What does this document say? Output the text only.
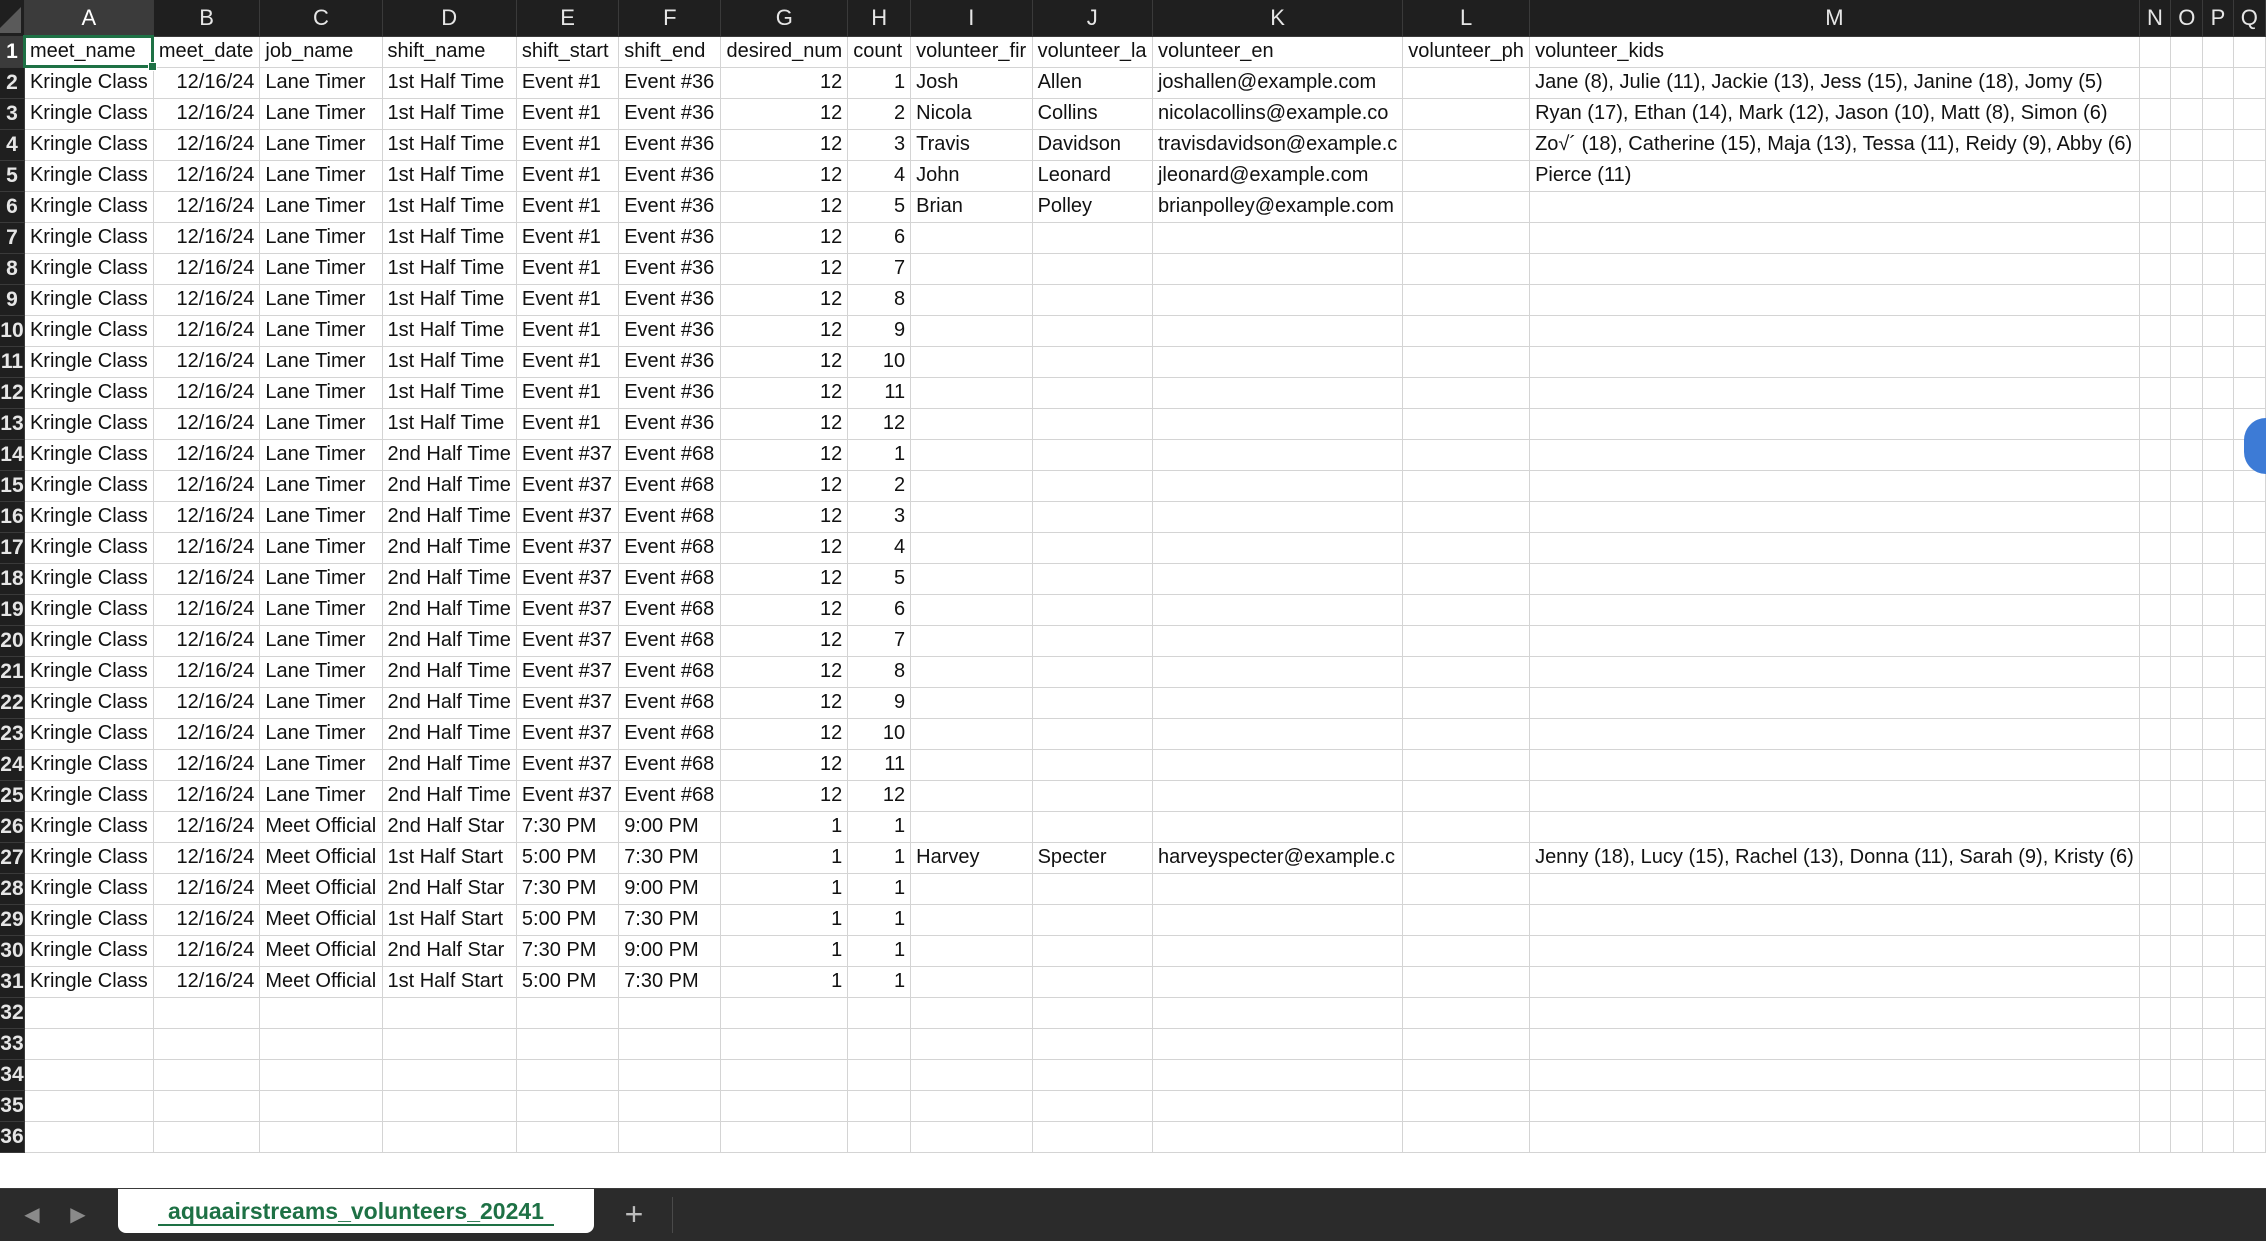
	A	B	C	D	E	F	G	H	I	J	K	L	M	N	O	P	Q
1	meet_name	meet_date	job_name	shift_name	shift_start	shift_end	desired_num	count	volunteer_fir	volunteer_la	volunteer_en	volunteer_ph	volunteer_kids				
2	Kringle Class	12/16/24	Lane Timer	1st Half Time	Event #1	Event #36	12	1	Josh	Allen	joshallen@example.com		Jane (8), Julie (11), Jackie (13), Jess (15), Janine (18), Jomy (5)				
3	Kringle Class	12/16/24	Lane Timer	1st Half Time	Event #1	Event #36	12	2	Nicola	Collins	nicolacollins@example.co		Ryan (17), Ethan (14), Mark (12), Jason (10), Matt (8), Simon (6)				
4	Kringle Class	12/16/24	Lane Timer	1st Half Time	Event #1	Event #36	12	3	Travis	Davidson	travisdavidson@example.c		Zo√´ (18), Catherine (15), Maja (13), Tessa (11), Reidy (9), Abby (6)				
5	Kringle Class	12/16/24	Lane Timer	1st Half Time	Event #1	Event #36	12	4	John	Leonard	jleonard@example.com		Pierce (11)				
6	Kringle Class	12/16/24	Lane Timer	1st Half Time	Event #1	Event #36	12	5	Brian	Polley	brianpolley@example.com						
7	Kringle Class	12/16/24	Lane Timer	1st Half Time	Event #1	Event #36	12	6									
8	Kringle Class	12/16/24	Lane Timer	1st Half Time	Event #1	Event #36	12	7									
9	Kringle Class	12/16/24	Lane Timer	1st Half Time	Event #1	Event #36	12	8									
10	Kringle Class	12/16/24	Lane Timer	1st Half Time	Event #1	Event #36	12	9									
11	Kringle Class	12/16/24	Lane Timer	1st Half Time	Event #1	Event #36	12	10									
12	Kringle Class	12/16/24	Lane Timer	1st Half Time	Event #1	Event #36	12	11									
13	Kringle Class	12/16/24	Lane Timer	1st Half Time	Event #1	Event #36	12	12									
14	Kringle Class	12/16/24	Lane Timer	2nd Half Time	Event #37	Event #68	12	1									
15	Kringle Class	12/16/24	Lane Timer	2nd Half Time	Event #37	Event #68	12	2									
16	Kringle Class	12/16/24	Lane Timer	2nd Half Time	Event #37	Event #68	12	3									
17	Kringle Class	12/16/24	Lane Timer	2nd Half Time	Event #37	Event #68	12	4									
18	Kringle Class	12/16/24	Lane Timer	2nd Half Time	Event #37	Event #68	12	5									
19	Kringle Class	12/16/24	Lane Timer	2nd Half Time	Event #37	Event #68	12	6									
20	Kringle Class	12/16/24	Lane Timer	2nd Half Time	Event #37	Event #68	12	7									
21	Kringle Class	12/16/24	Lane Timer	2nd Half Time	Event #37	Event #68	12	8									
22	Kringle Class	12/16/24	Lane Timer	2nd Half Time	Event #37	Event #68	12	9									
23	Kringle Class	12/16/24	Lane Timer	2nd Half Time	Event #37	Event #68	12	10									
24	Kringle Class	12/16/24	Lane Timer	2nd Half Time	Event #37	Event #68	12	11									
25	Kringle Class	12/16/24	Lane Timer	2nd Half Time	Event #37	Event #68	12	12									
26	Kringle Class	12/16/24	Meet Official	2nd Half Star	7:30 PM	9:00 PM	1	1									
27	Kringle Class	12/16/24	Meet Official	1st Half Start	5:00 PM	7:30 PM	1	1	Harvey	Specter	harveyspecter@example.c		Jenny (18), Lucy (15), Rachel (13), Donna (11), Sarah (9), Kristy (6)				
28	Kringle Class	12/16/24	Meet Official	2nd Half Star	7:30 PM	9:00 PM	1	1									
29	Kringle Class	12/16/24	Meet Official	1st Half Start	5:00 PM	7:30 PM	1	1									
30	Kringle Class	12/16/24	Meet Official	2nd Half Star	7:30 PM	9:00 PM	1	1									
31	Kringle Class	12/16/24	Meet Official	1st Half Start	5:00 PM	7:30 PM	1	1									
32																	
33																	
34																	
35																	
36																	
◀	▶	aquaairstreams_volunteers_20241	+
